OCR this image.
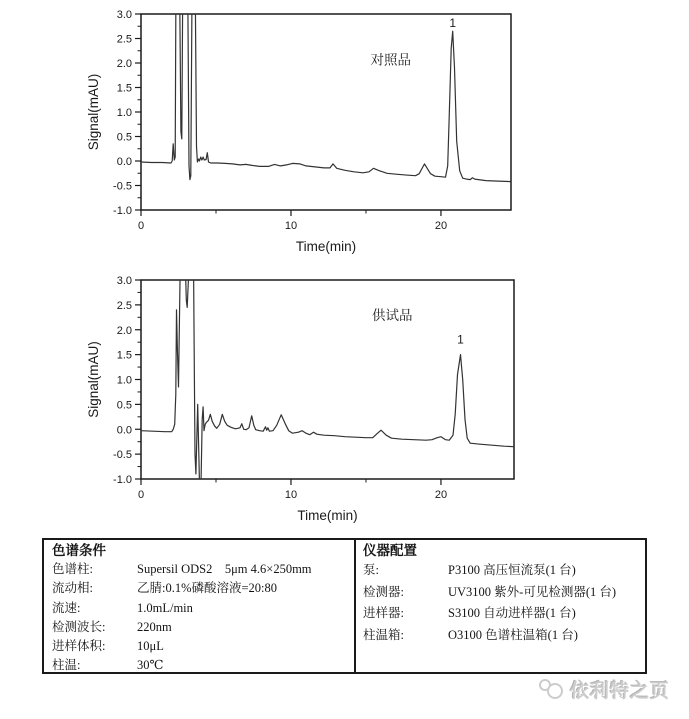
3.0
2.5
2.0
1.5
1.0
0.5
0.0
-0.5
-1.0
0	10	20
Time(min)
Signal(mAU)
对照品
1
3.0
2.5
2.0
1.5
1.0
0.5
0.0
-0.5
-1.0
0	10	20
Time(min)
Signal(mAU)
供试品
1
色谱条件
色谱柱:	Supersil ODS2    5μm 4.6×250mm
流动相:	乙腈:0.1%磷酸溶液=20:80
流速:	1.0mL/min
检测波长:	220nm
进样体积:	10μL
柱温:	30℃
仪器配置
泵:	P3100 高压恒流泵(1 台)
检测器:	UV3100 紫外-可见检测器(1 台)
进样器:	S3100 自动进样器(1 台)
柱温箱:	O3100 色谱柱温箱(1 台)
依利特之页
